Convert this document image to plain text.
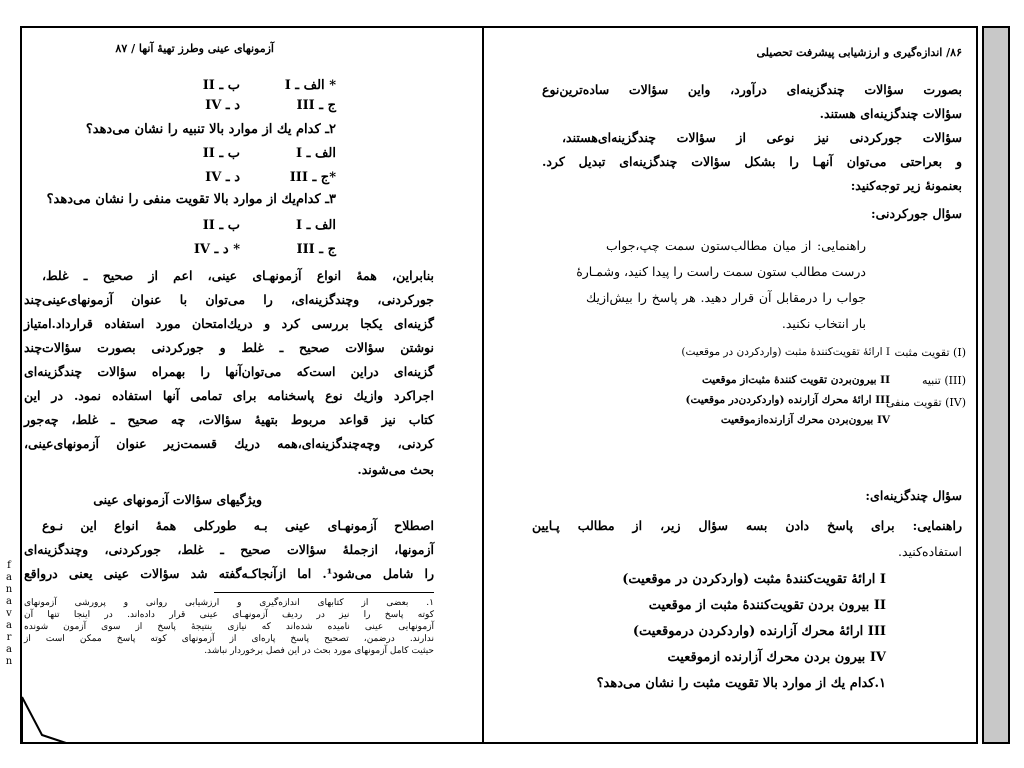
آزمونهای عینی وطرز تهیهٔ آنها / ۸۷
* الف ـ I
ب ـ II
ج ـ III
د ـ IV
۲ـ کدام یك از موارد بالا تنبیه را نشان می‌دهد؟
الف ـ I
ب ـ II
*ج ـ III
د ـ IV
۳ـ کدام‌یك از موارد بالا تقویت منفی را نشان می‌دهد؟
الف ـ I
ب ـ II
ج ـ III
* د ـ IV
بنابراین، همهٔ انواع آزمونهـای عینی، اعم از صحیح ـ غلط،
جورکردنی، وچندگزینه‌ای، را می‌توان با عنوان آزمونهای‌عینی‌چند‌
گزینه‌ای یکجا بررسی کرد و دریك‌امتحان مورد استفاده قرارداد.امتیاز
نوشتن سؤالات صحیح ـ غلط و جورکردنی بصورت سؤالات‌چند‌
گزینه‌ای دراین است‌که می‌توان‌آنها را بهمراه سؤالات چندگزینه‌ای
اجراکرد وازیك نوع پاسخنامه برای تمامی آنها استفاده نمود. در این
کتاب نیز قواعد مربوط بتهیهٔ سؤالات، چه صحیح ـ غلط، چه‌جور
کردنی، وچه‌چندگزینه‌ای،همه دریك قسمت‌زیر عنوان آزمونهای‌عینی،
بحث می‌شوند.
ویژگیهای سؤالات آزمونهای عینی
اصطلاح آزمونهـای عینی بـه طورکلی همهٔ انواع این نـوع
آزمونها، ازجملهٔ سؤالات صحیح ـ غلط، جورکردنی، وچندگزینه‌ای
را شامل می‌شود¹. اما ازآنجاکـه‌گفته شد سؤالات عینی یعنی درواقع
۱. بعضی از کتابهای اندازه‌گیری و ارزشیابی روانی و پرورشی آزمونهای
کوته پاسخ را نیز در ردیف آزمونهـای عینی قرار داده‌اند. در اینجا تنها آن
آزمونهایی عینی نامیده شده‌اند که نیازی بنتیجهٔ پاسخ از سوی آزمون شونده
ندارند. درضمن، تصحیح پاسخ پاره‌ای از آزمونهای کوته پاسخ ممکن است از
حیثیت کامل آزمونهای مورد بحث در این فصل برخوردار نباشد.
f
a
n
a
v
a
r
a
n
۸۶/ اندازه‌گیری و ارزشیابی پیشرفت تحصیلی
بصورت سؤالات چندگزینه‌ای درآورد، واین سؤالات ساده‌ترین‌نوع
سؤالات چندگزینه‌ای هستند.
سؤالات جورکردنی نیز نوعی از سؤالات چندگزینه‌ای‌هستند،
و بعراحتی می‌توان آنهـا را بشکل سؤالات چندگزینه‌ای تبدیل کرد.
بعنمونهٔ زیر توجه‌کنید:
سؤال جورکردنی:
راهنمایی: از میان مطالب‌ستون سمت چپ،جواب
درست مطالب ستون سمت راست را پیدا کنید، وشمـارهٔ
جواب را درمقابل آن قرار دهید. هر پاسخ را بیش‌ازیك‌
بار انتخاب نکنید.
(I) تقویت مثبت
(III) تنبیه
(IV) تقویت منفی
I ارائهٔ تقویت‌کنندهٔ مثبت (واردکردن در موقعیت)
II بیرون‌بردن تقویت کنندهٔ مثبت‌از موقعیت
III ارائهٔ محرك آزارنده (واردکردن‌در موقعیت)
IV بیرون‌بردن محرك آزارنده‌ازموقعیت
سؤال چندگزینه‌ای:
راهنمایی: برای پاسخ دادن بسه سؤال زیر، از مطالب پـایین
استفاده‌کنید.
I ارائهٔ تقویت‌کنندهٔ مثبت (واردکردن در موقعیت)
II بیرون بردن تقویت‌کنندهٔ مثبت از موقعیت
III ارائهٔ محرك آزارنده (واردکردن درموقعیت)
IV بیرون بردن محرك آزارنده ازموقعیت
۱.کدام یك از موارد بالا تقویت مثبت را نشان می‌دهد؟
